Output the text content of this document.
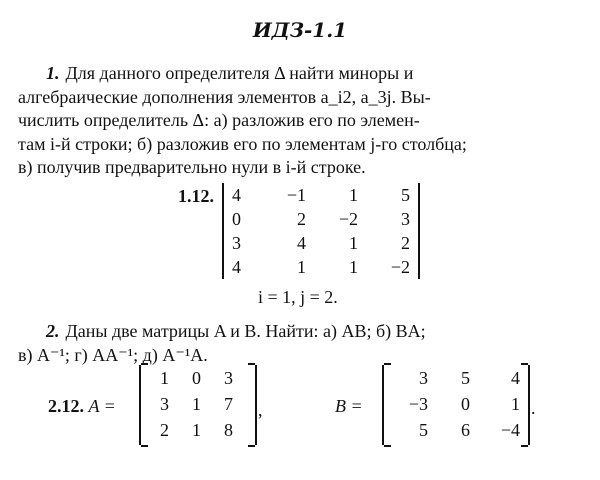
ИДЗ-1.1
1. Для данного определителя Δ найти миноры и
алгебраические дополнения элементов a_i2, a_3j. Вы-
числить определитель Δ: а) разложив его по элемен-
там i-й строки; б) разложив его по элементам j-го столбца;
в) получив предварительно нули в i-й строке.
1.12. 4	−1	1	5
0	2	−2	3
3	4	1	2
4	1	1	−2
i = 1, j = 2.
2. Даны две матрицы A и B. Найти: а) AB; б) BA;
в) A⁻¹; г) AA⁻¹; д) A⁻¹A.
2.12. A =
1	0	3
3	1	7
2	1	8
,	B =
3	5	4
−3	0	1
5	6	−4
.
